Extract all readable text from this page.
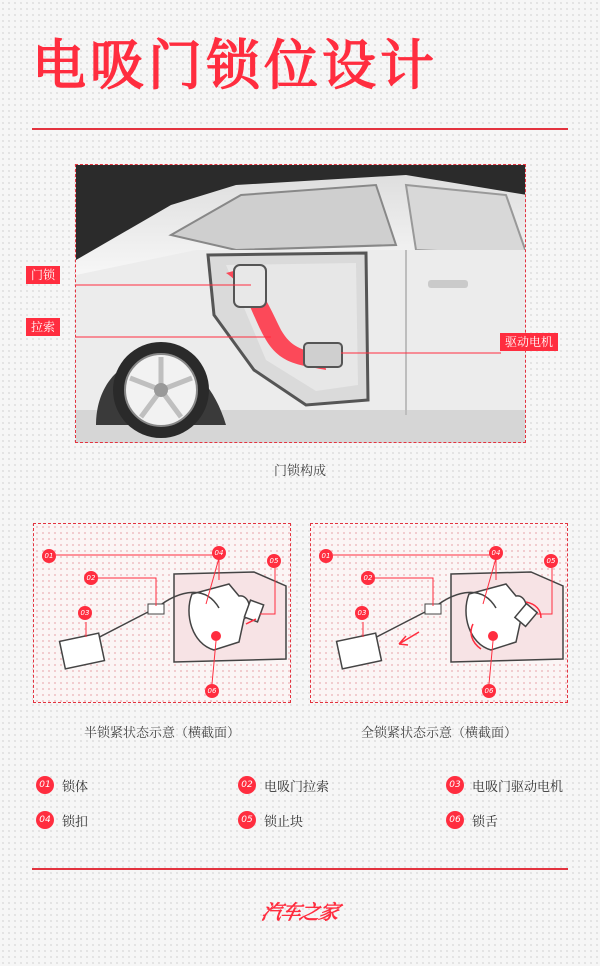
电吸门锁位设计
门锁
拉索
驱动电机
门锁构成
01
02
03
04
05
06
半锁紧状态示意（横截面）
01
02
03
04
05
06
全锁紧状态示意（横截面）
01 锁体	02 电吸门拉索	03 电吸门驱动电机
04 锁扣	05 锁止块	06 锁舌
汽车之家
